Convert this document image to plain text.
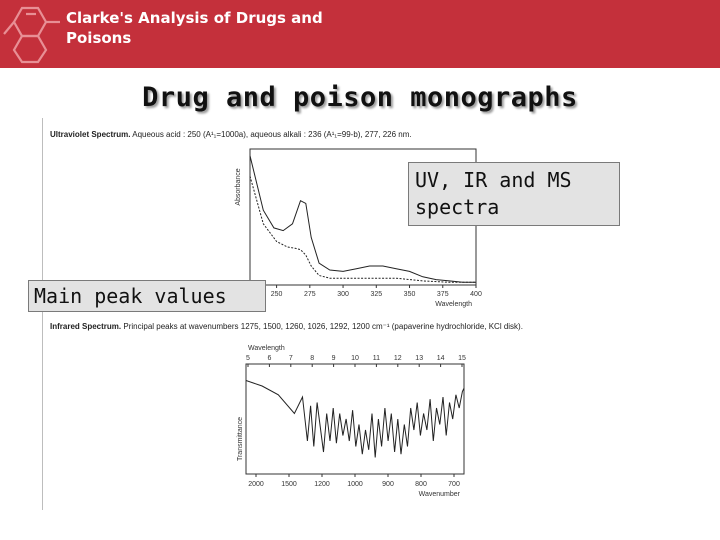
Clarke's Analysis of Drugs and
Poisons
Drug and poison monographs
Ultraviolet Spectrum. Aqueous acid : 250 (A¹₁=1000a), aqueous alkali : 236 (A¹₁=99-b), 277, 226 nm.
250	275	300	325	350	375	400
Wavelength
Absorbance
Infrared Spectrum. Principal peaks at wavenumbers 1275, 1500, 1260, 1026, 1292, 1200 cm⁻¹ (papaverine hydrochloride, KCl disk).
Wavelength
5 6 7 8 9 10 11 12 13 14 15
2000 1500 1200 1000	900	800	700
Wavenumber
Transmittance
UV, IR and MS spectra
Main peak values
